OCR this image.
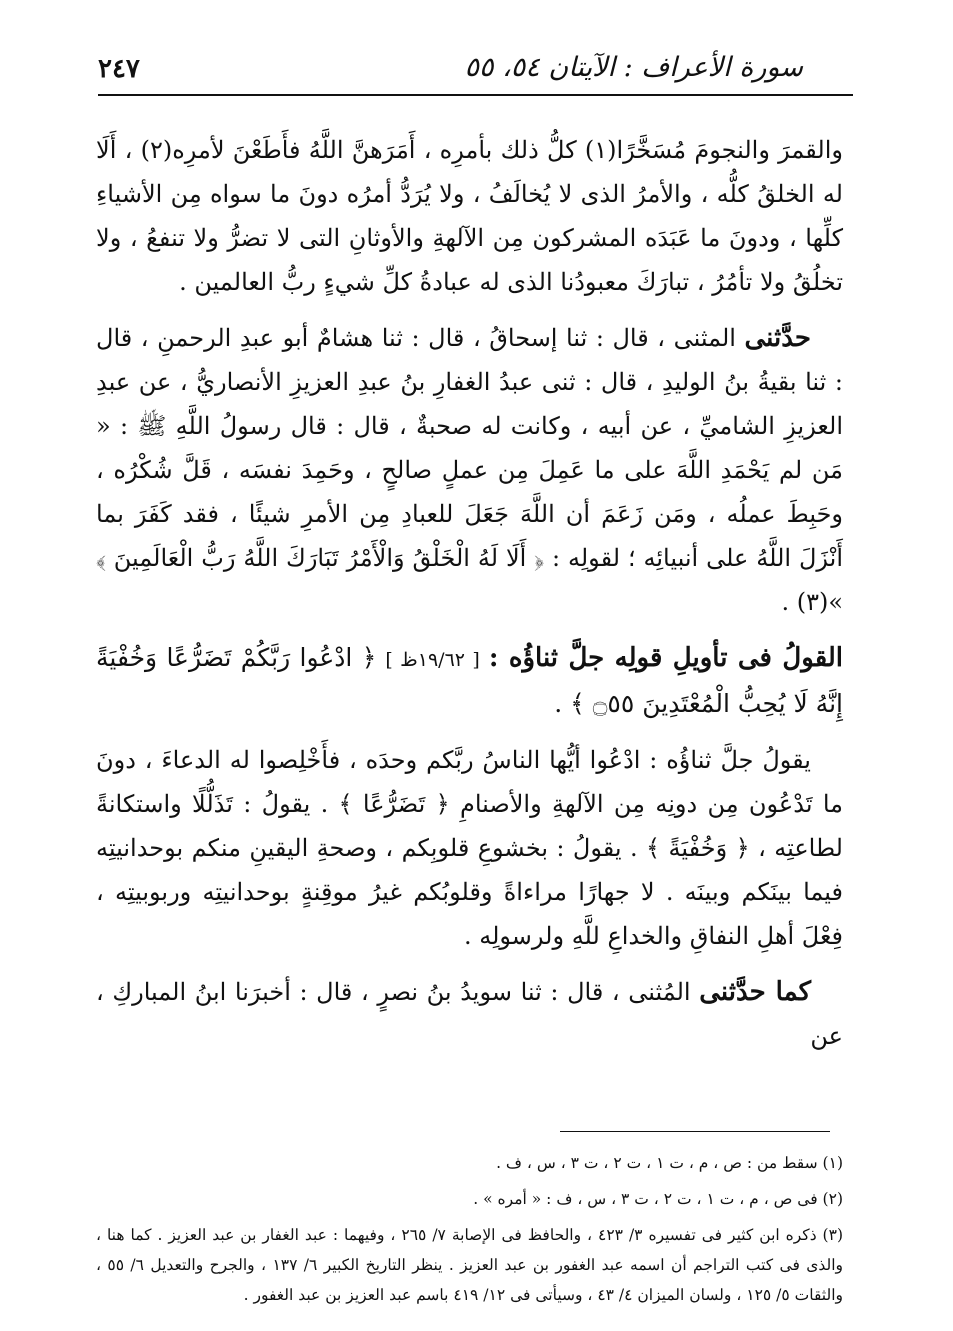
٢٤٧	سورة الأعراف : الآيتان ٥٤، ٥٥

والقمرَ والنجومَ مُسَخَّرًا(١) كلُّ ذلك بأمرِه ، أَمَرَهنَّ اللَّهُ فأَطَعْنَ لأمرِه(٢) ، أَلَا له الخلقُ كلُّه ، والأمرُ الذى لا يُخالَفُ ، ولا يُرَدُّ أمرُه دونَ ما سواه مِن الأشياءِ كلِّها ، ودونَ ما عَبَدَه المشركون مِن الآلهةِ والأوثانِ التى لا تضرُّ ولا تنفعُ ، ولا تخلُقُ ولا تأمُرُ ، تبارَكَ معبودُنا الذى له عبادةُ كلِّ شيءٍ ربُّ العالمين .

حدَّثنى المثنى ، قال : ثنا إسحاقُ ، قال : ثنا هشامٌ أبو عبدِ الرحمنِ ، قال : ثنا بقيةُ بنُ الوليدِ ، قال : ثنى عبدُ الغفارِ بنُ عبدِ العزيزِ الأنصاريُّ ، عن عبدِ العزيزِ الشاميِّ ، عن أبيه ، وكانت له صحبةٌ ، قال : قال رسولُ اللَّهِ ﷺ : « مَن لم يَحْمَدِ اللَّهَ على ما عَمِلَ مِن عملٍ صالحٍ ، وحَمِدَ نفسَه ، قَلَّ شُكْرُه ، وحَبِطَ عملُه ، ومَن زَعَمَ أن اللَّهَ جَعَلَ للعبادِ مِن الأمرِ شيئًا ، فقد كَفَرَ بما أَنْزَلَ اللَّهُ على أنبيائِه ؛ لقولِه : ﴿ أَلَا لَهُ الْخَلْقُ وَالْأَمْرُ تَبَارَكَ اللَّهُ رَبُّ الْعَالَمِينَ ﴾ »(٣) .

القولُ فى تأويلِ قولِه جلَّ ثناؤُه : [ ١٩/٦٢ظ ] ﴿ ادْعُوا رَبَّكُمْ تَضَرُّعًا وَخُفْيَةً إِنَّهُ لَا يُحِبُّ الْمُعْتَدِينَ ۝٥٥ ﴾ .

يقولُ جلَّ ثناؤُه : ادْعُوا أيُّها الناسُ ربَّكم وحدَه ، فأَخْلِصوا له الدعاءَ ، دونَ ما تَدْعُون مِن دونِه مِن الآلهةِ والأصنامِ ﴿ تَضَرُّعًا ﴾ . يقولُ : تَذَلُّلًا واستكانةً لطاعتِه ، ﴿ وَخُفْيَةً ﴾ . يقولُ : بخشوعِ قلوبِكم ، وصحةِ اليقينِ منكم بوحدانيتِه فيما بينَكم وبينَه . لا جهارًا مراءاةً وقلوبُكم غيرُ موقِنةٍ بوحدانيتِه وربوبيتِه ، فِعْلَ أهلِ النفاقِ والخداعِ للَّهِ ولرسولِه .

كما حدَّثنى المُثنى ، قال : ثنا سويدُ بنُ نصرٍ ، قال : أخبرَنا ابنُ المباركِ ، عن

(١) سقط من : ص ، م ، ت ١ ، ت ٢ ، ت ٣ ، س ، ف .

(٢) فى ص ، م ، ت ١ ، ت ٢ ، ت ٣ ، س ، ف : « أمره » .

(٣) ذكره ابن كثير فى تفسيره ٣/ ٤٢٣ ، والحافظ فى الإصابة ٧/ ٢٦٥ ، وفيهما : عبد الغفار بن عبد العزيز . كما هنا ، والذى فى كتب التراجم أن اسمه عبد الغفور بن عبد العزيز . ينظر التاريخ الكبير ٦/ ١٣٧ ، والجرح والتعديل ٦/ ٥٥ ، والثقات ٥/ ١٢٥ ، ولسان الميزان ٤/ ٤٣ ، وسيأتى فى ١٢/ ٤١٩ باسم عبد العزيز بن عبد الغفور .
